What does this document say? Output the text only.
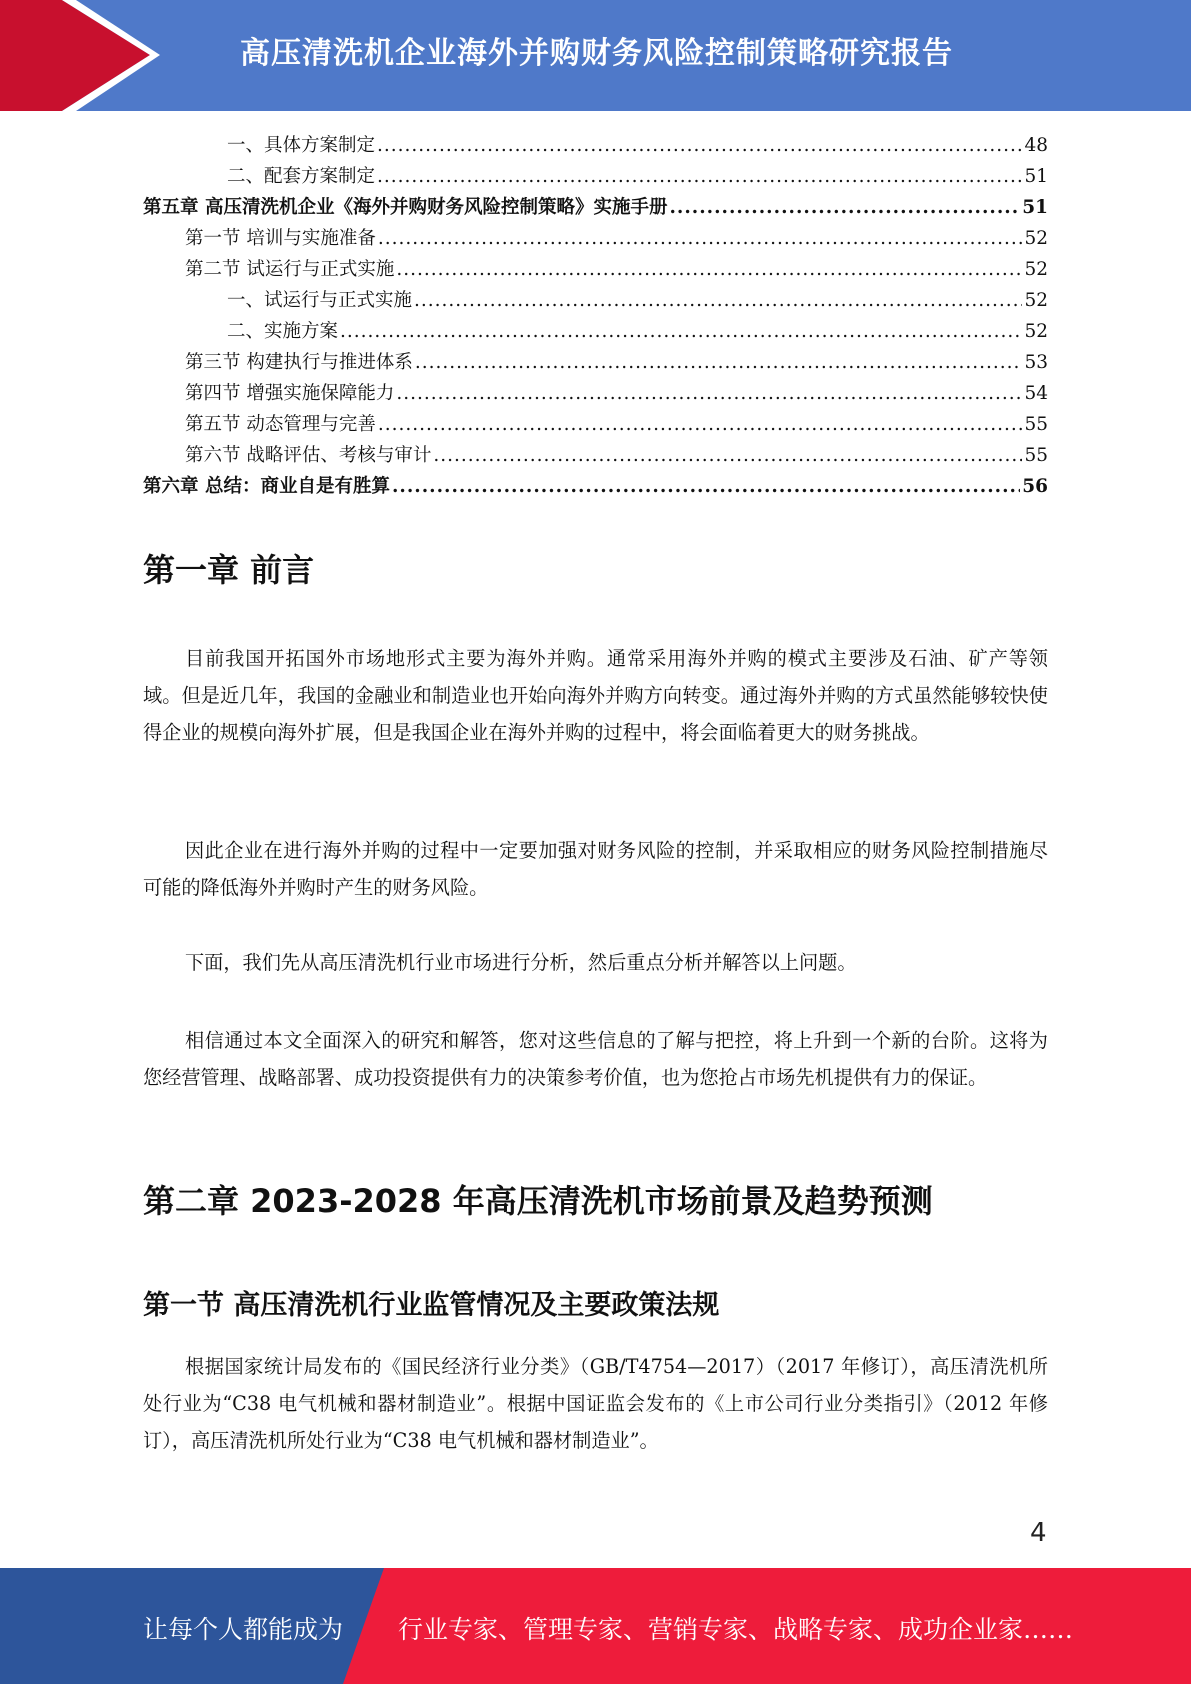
高压清洗机企业海外并购财务风险控制策略研究报告
一、具体方案制定 .....	48
二、配套方案制定 .....	51
第五章 高压清洗机企业《海外并购财务风险控制策略》实施手册 .....	51
第一节 培训与实施准备 .....	52
第二节 试运行与正式实施 .....	52
一、试运行与正式实施 .....	52
二、实施方案 .....	52
第三节 构建执行与推进体系 .....	53
第四节 增强实施保障能力 .....	54
第五节 动态管理与完善 .....	55
第六节 战略评估、考核与审计 .....	55
第六章 总结：商业自是有胜算 .....	56
第一章 前言

目前我国开拓国外市场地形式主要为海外并购。通常采用海外并购的模式主要涉及石油、矿产等领域。但是近几年，我国的金融业和制造业也开始向海外并购方向转变。通过海外并购的方式虽然能够较快使得企业的规模向海外扩展，但是我国企业在海外并购的过程中，将会面临着更大的财务挑战。

因此企业在进行海外并购的过程中一定要加强对财务风险的控制，并采取相应的财务风险控制措施尽可能的降低海外并购时产生的财务风险。

下面，我们先从高压清洗机行业市场进行分析，然后重点分析并解答以上问题。

相信通过本文全面深入的研究和解答，您对这些信息的了解与把控，将上升到一个新的台阶。这将为您经营管理、战略部署、成功投资提供有力的决策参考价值，也为您抢占市场先机提供有力的保证。

第二章 2023-2028 年高压清洗机市场前景及趋势预测
第一节 高压清洗机行业监管情况及主要政策法规

根据国家统计局发布的《国民经济行业分类》（GB/T4754—2017）（2017 年修订），高压清洗机所处行业为“C38 电气机械和器材制造业”。根据中国证监会发布的《上市公司行业分类指引》（2012 年修订），高压清洗机所处行业为“C38 电气机械和器材制造业”。

4
让每个人都能成为 行业专家、管理专家、营销专家、战略专家、成功企业家……
